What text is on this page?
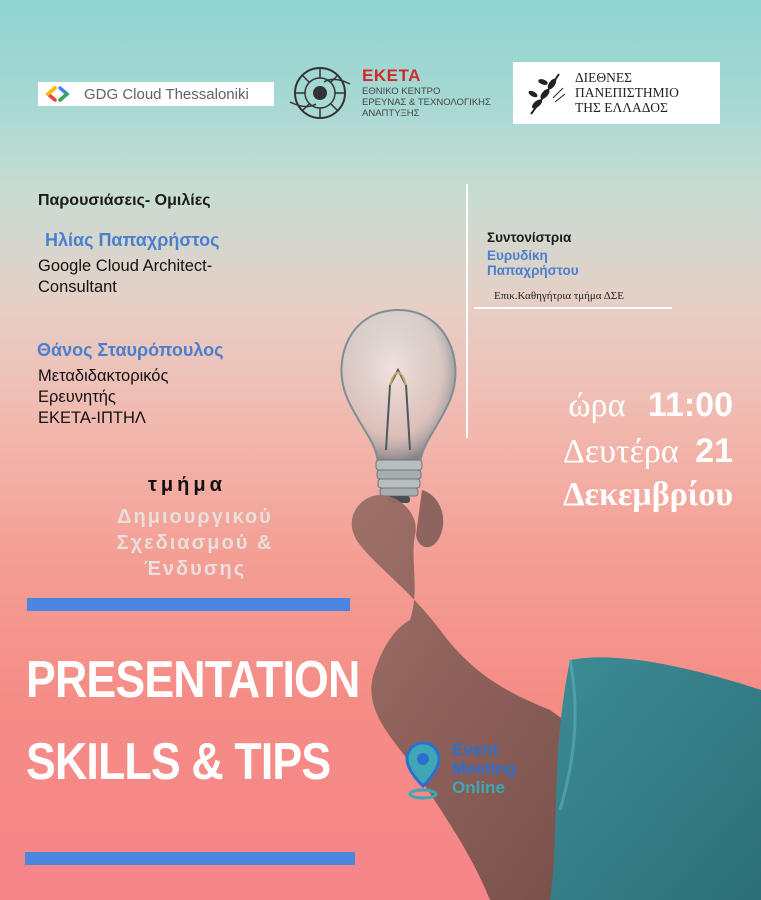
GDG Cloud Thessaloniki
ΕΚΕΤΑ
ΕΘΝΙΚΟ ΚΕΝΤΡΟ
ΕΡΕΥΝΑΣ & ΤΕΧΝΟΛΟΓΙΚΗΣ
ΑΝΑΠΤΥΞΗΣ
ΔΙΕΘΝΕΣ
ΠΑΝΕΠΙΣΤΗΜΙΟ
ΤΗΣ ΕΛΛΑΔΟΣ
Παρουσιάσεις- Ομιλίες
Ηλίας Παπαχρήστος
Google Cloud Architect-
Consultant
Θάνος Σταυρόπουλος
Μεταδιδακτορικός
Ερευνητής
ΕΚΕΤΑ-ΙΠΤΗΛ
Συντονίστρια
Ευρυδίκη
Παπαχρήστου
Επικ.Καθηγήτρια τμήμα ΔΣΕ
ώρα 11:00
Δευτέρα 21
Δεκεμβρίου
τμήμα
Δημιουργικού
Σχεδιασμού &
Ένδυσης
PRESENTATION
SKILLS & TIPS	Event
Meeting
Online
